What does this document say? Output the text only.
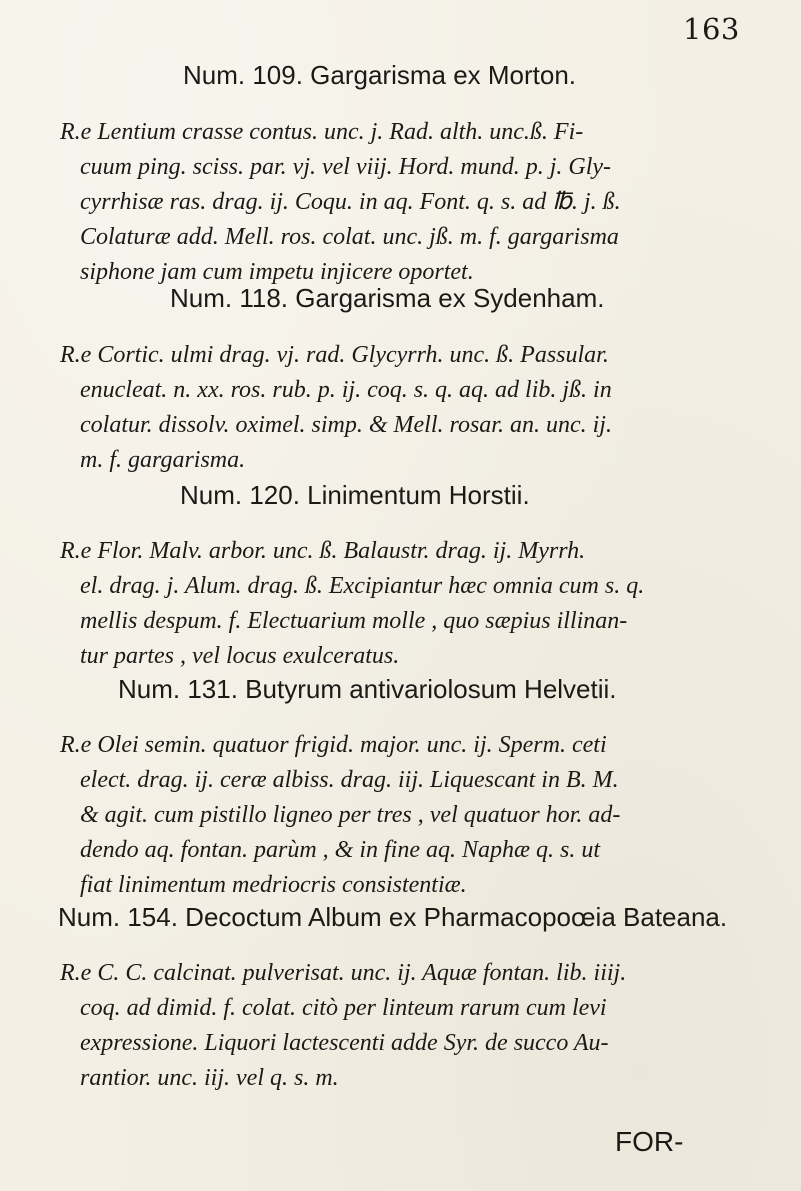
163
Num. 109. Gargarisma ex Morton.
R.e Lentium crasse contus. unc. j. Rad. alth. unc.ß. Fi-
cuum ping. sciss. par. vj. vel viij. Hord. mund. p. j. Gly-
cyrrhisæ ras. drag. ij. Coqu. in aq. Font. q. s. ad ℔. j. ß.
Colaturæ add. Mell. ros. colat. unc. jß. m. f. gargarisma
siphone jam cum impetu injicere oportet.
Num. 118. Gargarisma ex Sydenham.
R.e Cortic. ulmi drag. vj. rad. Glycyrrh. unc. ß. Passular.
enucleat. n. xx. ros. rub. p. ij. coq. s. q. aq. ad lib. jß. in
colatur. dissolv. oximel. simp. & Mell. rosar. an. unc. ij.
m. f. gargarisma.
Num. 120. Linimentum Horstii.
R.e Flor. Malv. arbor. unc. ß. Balaustr. drag. ij. Myrrh.
el. drag. j. Alum. drag. ß. Excipiantur hæc omnia cum s. q.
mellis despum. f. Electuarium molle , quo sæpius illinan-
tur partes , vel locus exulceratus.
Num. 131. Butyrum antivariolosum Helvetii.
R.e Olei semin. quatuor frigid. major. unc. ij. Sperm. ceti
elect. drag. ij. ceræ albiss. drag. iij. Liquescant in B. M.
& agit. cum pistillo ligneo per tres , vel quatuor hor. ad-
dendo aq. fontan. parùm , & in fine aq. Naphæ q. s. ut
fiat linimentum medriocris consistentiæ.
Num. 154. Decoctum Album ex Pharmacopoœia Bateana.
R.e C. C. calcinat. pulverisat. unc. ij. Aquæ fontan. lib. iiij.
coq. ad dimid. f. colat. citò per linteum rarum cum levi
expressione. Liquori lactescenti adde Syr. de succo Au-
rantior. unc. iij. vel q. s. m.
FOR-
